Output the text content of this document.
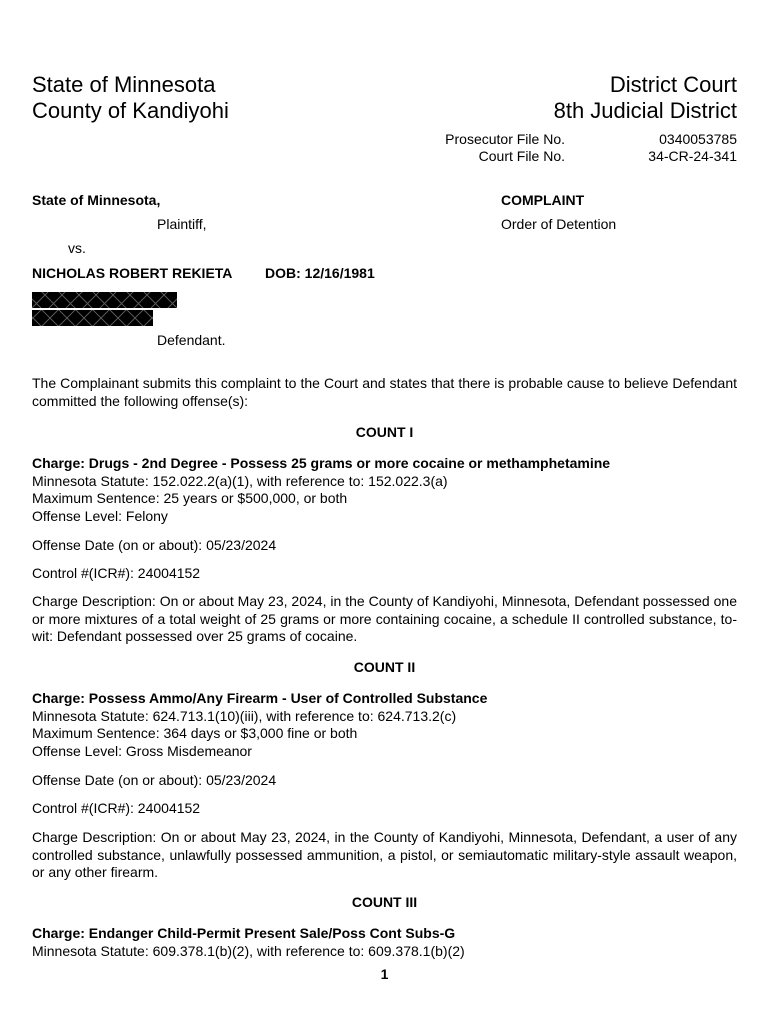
State of Minnesota
County of Kandiyohi
District Court
8th Judicial District
Prosecutor File No.	0340053785
Court File No.	34-CR-24-341
State of Minnesota,
Plaintiff,
vs.
NICHOLAS ROBERT REKIETA DOB: 12/16/1981
Defendant.
COMPLAINT
Order of Detention
The Complainant submits this complaint to the Court and states that there is probable cause to believe Defendant committed the following offense(s):
COUNT I
Charge: Drugs - 2nd Degree - Possess 25 grams or more cocaine or methamphetamine
Minnesota Statute: 152.022.2(a)(1), with reference to: 152.022.3(a)
Maximum Sentence: 25 years or $500,000, or both
Offense Level: Felony
Offense Date (on or about): 05/23/2024
Control #(ICR#): 24004152
Charge Description: On or about May 23, 2024, in the County of Kandiyohi, Minnesota, Defendant possessed one or more mixtures of a total weight of 25 grams or more containing cocaine, a schedule II controlled substance, to-wit: Defendant possessed over 25 grams of cocaine.
COUNT II
Charge: Possess Ammo/Any Firearm - User of Controlled Substance
Minnesota Statute: 624.713.1(10)(iii), with reference to: 624.713.2(c)
Maximum Sentence: 364 days or $3,000 fine or both
Offense Level: Gross Misdemeanor
Offense Date (on or about): 05/23/2024
Control #(ICR#): 24004152
Charge Description: On or about May 23, 2024, in the County of Kandiyohi, Minnesota, Defendant, a user of any controlled substance, unlawfully possessed ammunition, a pistol, or semiautomatic military-style assault weapon, or any other firearm.
COUNT III
Charge: Endanger Child-Permit Present Sale/Poss Cont Subs-G
Minnesota Statute: 609.378.1(b)(2), with reference to: 609.378.1(b)(2)
1
